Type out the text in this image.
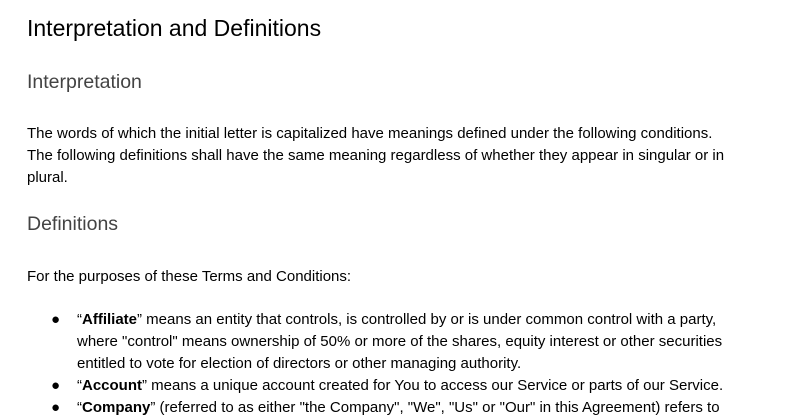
Interpretation and Definitions
Interpretation

The words of which the initial letter is capitalized have meanings defined under the following conditions.
The following definitions shall have the same meaning regardless of whether they appear in singular or in
plural.

Definitions

For the purposes of these Terms and Conditions:

● “Affiliate” means an entity that controls, is controlled by or is under common control with a party,
where "control" means ownership of 50% or more of the shares, equity interest or other securities
entitled to vote for election of directors or other managing authority.
● “Account” means a unique account created for You to access our Service or parts of our Service.
● “Company” (referred to as either "the Company", "We", "Us" or "Our" in this Agreement) refers to
